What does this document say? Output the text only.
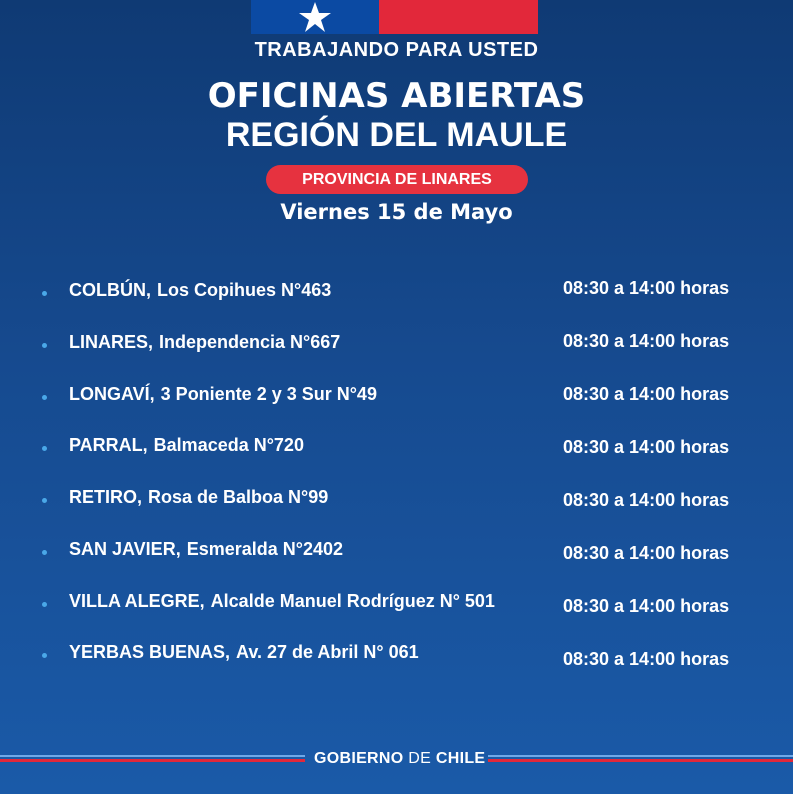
TRABAJANDO PARA USTED
OFICINAS ABIERTAS
REGIÓN DEL MAULE
PROVINCIA DE LINARES
Viernes 15 de Mayo
COLBÚN, Los Copihues N°463	08:30 a 14:00 horas
LINARES, Independencia N°667	08:30 a 14:00 horas
LONGAVÍ, 3 Poniente 2 y 3 Sur N°49	08:30 a 14:00 horas
PARRAL, Balmaceda N°720	08:30 a 14:00 horas
RETIRO, Rosa de Balboa N°99	08:30 a 14:00 horas
SAN JAVIER, Esmeralda N°2402	08:30 a 14:00 horas
VILLA ALEGRE, Alcalde Manuel Rodríguez N° 501	08:30 a 14:00 horas
YERBAS BUENAS, Av. 27 de Abril N° 061	08:30 a 14:00 horas
GOBIERNO DE CHILE
